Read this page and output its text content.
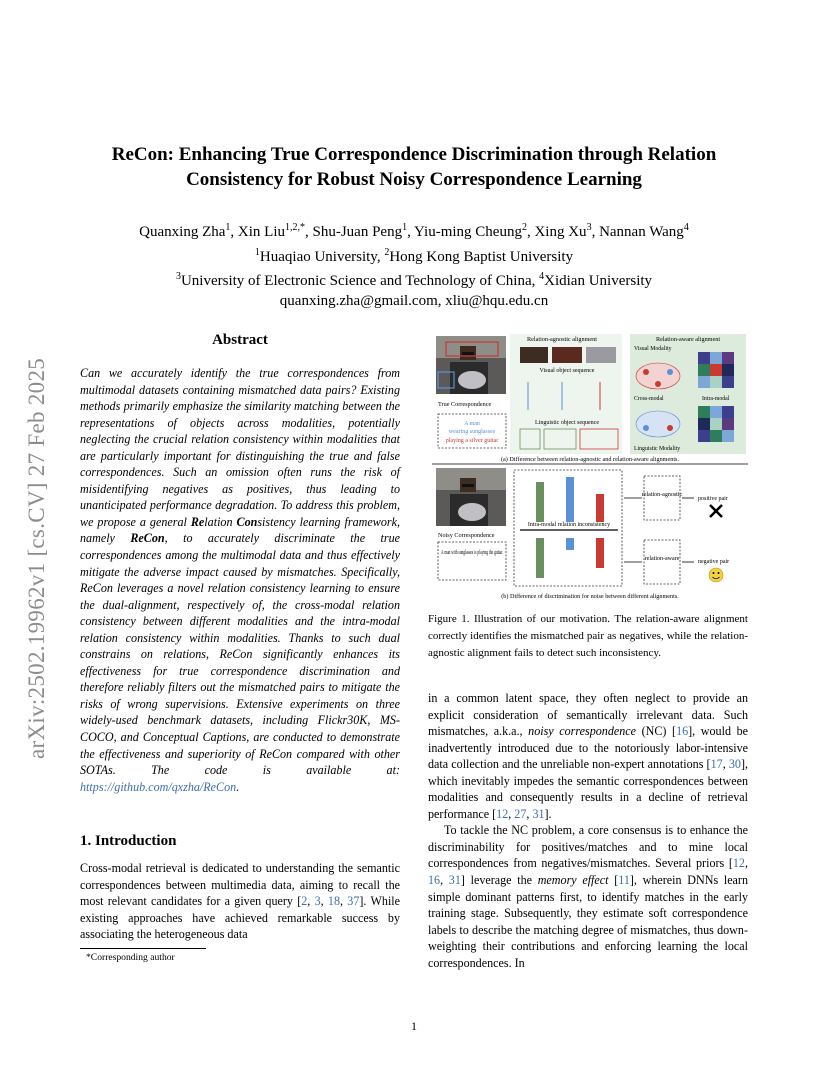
ReCon: Enhancing True Correspondence Discrimination through Relation
Consistency for Robust Noisy Correspondence Learning
Quanxing Zha$^1$, Xin Liu$^{1,2,*}$, Shu-Juan Peng$^1$, Yiu-ming Cheung$^2$, Xing Xu$^3$, Nannan Wang$^4$
$^1$Huaqiao University, $^2$Hong Kong Baptist University
$^3$University of Electronic Science and Technology of China, $^4$Xidian University
quanxing.zha@gmail.com, xliu@hqu.edu.cn
arXiv:2502.19962v1 [cs.CV] 27 Feb 2025
Abstract
Can we accurately identify the true correspondences from multimodal datasets containing mismatched data pairs? Existing methods primarily emphasize the similarity matching between the representations of objects across modalities, potentially neglecting the crucial relation consistency within modalities that are particularly important for distinguishing the true and false correspondences. Such an omission often runs the risk of misidentifying negatives as positives, thus leading to unanticipated performance degradation. To address this problem, we propose a general Relation Consistency learning framework, namely ReCon, to accurately discriminate the true correspondences among the multimodal data and thus effectively mitigate the adverse impact caused by mismatches. Specifically, ReCon leverages a novel relation consistency learning to ensure the dual-alignment, respectively of, the cross-modal relation consistency between different modalities and the intra-modal relation consistency within modalities. Thanks to such dual constrains on relations, ReCon significantly enhances its effectiveness for true correspondence discrimination and therefore reliably filters out the mismatched pairs to mitigate the risks of wrong supervisions. Extensive experiments on three widely-used benchmark datasets, including Flickr30K, MS-COCO, and Conceptual Captions, are conducted to demonstrate the effectiveness and superiority of ReCon compared with other SOTAs. The code is available at: https://github.com/qxzha/ReCon.
1. Introduction
Cross-modal retrieval is dedicated to understanding the semantic correspondences between multimedia data, aiming to recall the most relevant candidates for a given query [2, 3, 18, 37]. While existing approaches have achieved remarkable success by associating the heterogeneous data
*Corresponding author
1
True Correspondence
A man
wearing sunglasses
playing a silver guitar
Relation-agnostic alignment
Visual object sequence
Linguistic object sequence
Relation-aware alignment
Visual Modality
Cross-modal
Linguistic Modality
Intra-modal
(a) Difference between relation-agnostic and relation-aware alignments.
Noisy Correspondence
A man with sunglasses is playing the guitar.
Intra-modal relation inconsistency
relation-agnostic
relation-aware
positive pair
negative pair
(b) Difference of discrimination for noise between different alignments.
Figure 1. Illustration of our motivation. The relation-aware alignment correctly identifies the mismatched pair as negatives, while the relation-agnostic alignment fails to detect such inconsistency.

in a common latent space, they often neglect to provide an explicit consideration of semantically irrelevant data. Such mismatches, a.k.a., noisy correspondence (NC) [16], would be inadvertently introduced due to the notoriously labor-intensive data collection and the unreliable non-expert annotations [17, 30], which inevitably impedes the semantic correspondences between modalities and consequently results in a decline of retrieval performance [12, 27, 31].

To tackle the NC problem, a core consensus is to enhance the discriminability for positives/matches and to mine local correspondences from negatives/mismatches. Several priors [12, 16, 31] leverage the memory effect [11], wherein DNNs learn simple dominant patterns first, to identify matches in the early training stage. Subsequently, they estimate soft correspondence labels to describe the matching degree of mismatches, thus down-weighting their contributions and enforcing learning the local correspondences. In
